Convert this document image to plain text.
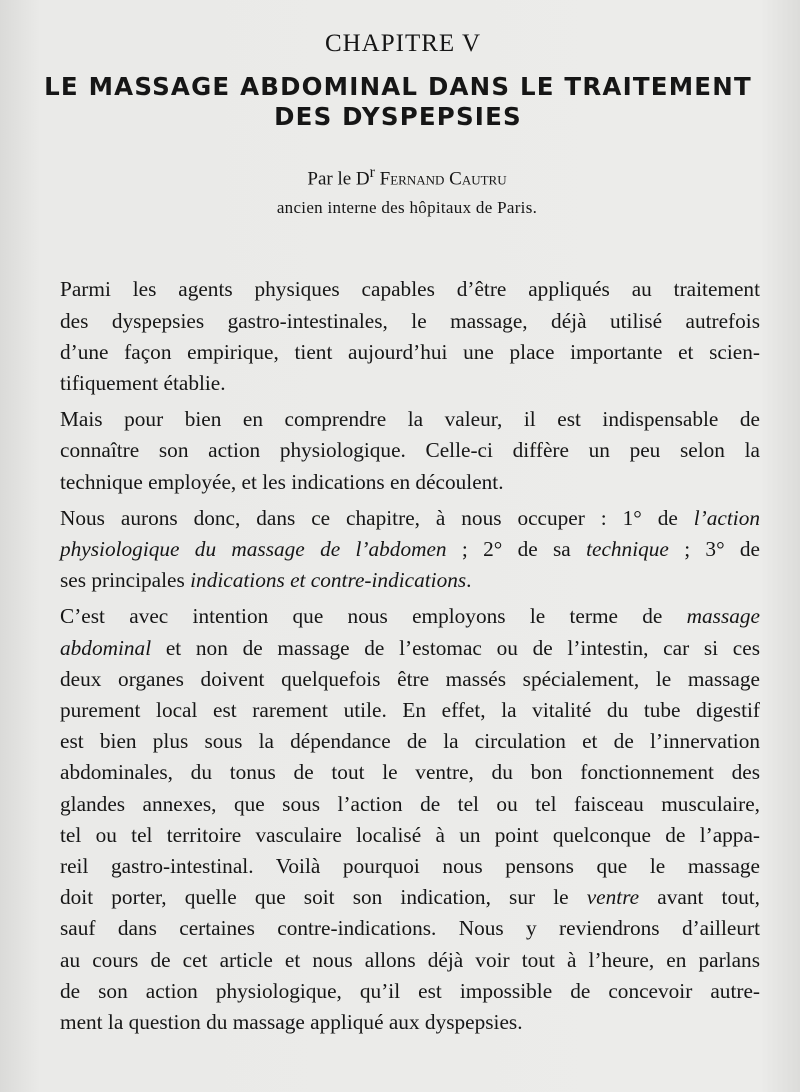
CHAPITRE V
LE MASSAGE ABDOMINAL DANS LE TRAITEMENT
DES DYSPEPSIES
Par le $D^r$ Fernand Cautru
ancien interne des hôpitaux de Paris.

Parmi les agents physiques capables d’être appliqués au traitement
des dyspepsies gastro-intestinales, le massage, déjà utilisé autrefois
d’une façon empirique, tient aujourd’hui une place importante et scien-
tifiquement établie.

Mais pour bien en comprendre la valeur, il est indispensable de
connaître son action physiologique. Celle-ci diffère un peu selon la
technique employée, et les indications en découlent.

Nous aurons donc, dans ce chapitre, à nous occuper : 1° de l’action
physiologique du massage de l’abdomen ; 2° de sa technique ; 3° de
ses principales indications et contre-indications.

C’est avec intention que nous employons le terme de massage
abdominal et non de massage de l’estomac ou de l’intestin, car si ces
deux organes doivent quelquefois être massés spécialement, le massage
purement local est rarement utile. En effet, la vitalité du tube digestif
est bien plus sous la dépendance de la circulation et de l’innervation
abdominales, du tonus de tout le ventre, du bon fonctionnement des
glandes annexes, que sous l’action de tel ou tel faisceau musculaire,
tel ou tel territoire vasculaire localisé à un point quelconque de l’appa-
reil gastro-intestinal. Voilà pourquoi nous pensons que le massage
doit porter, quelle que soit son indication, sur le ventre avant tout,
sauf dans certaines contre-indications. Nous y reviendrons d’ailleurt
au cours de cet article et nous allons déjà voir tout à l’heure, en parlans
de son action physiologique, qu’il est impossible de concevoir autre-
ment la question du massage appliqué aux dyspepsies.
